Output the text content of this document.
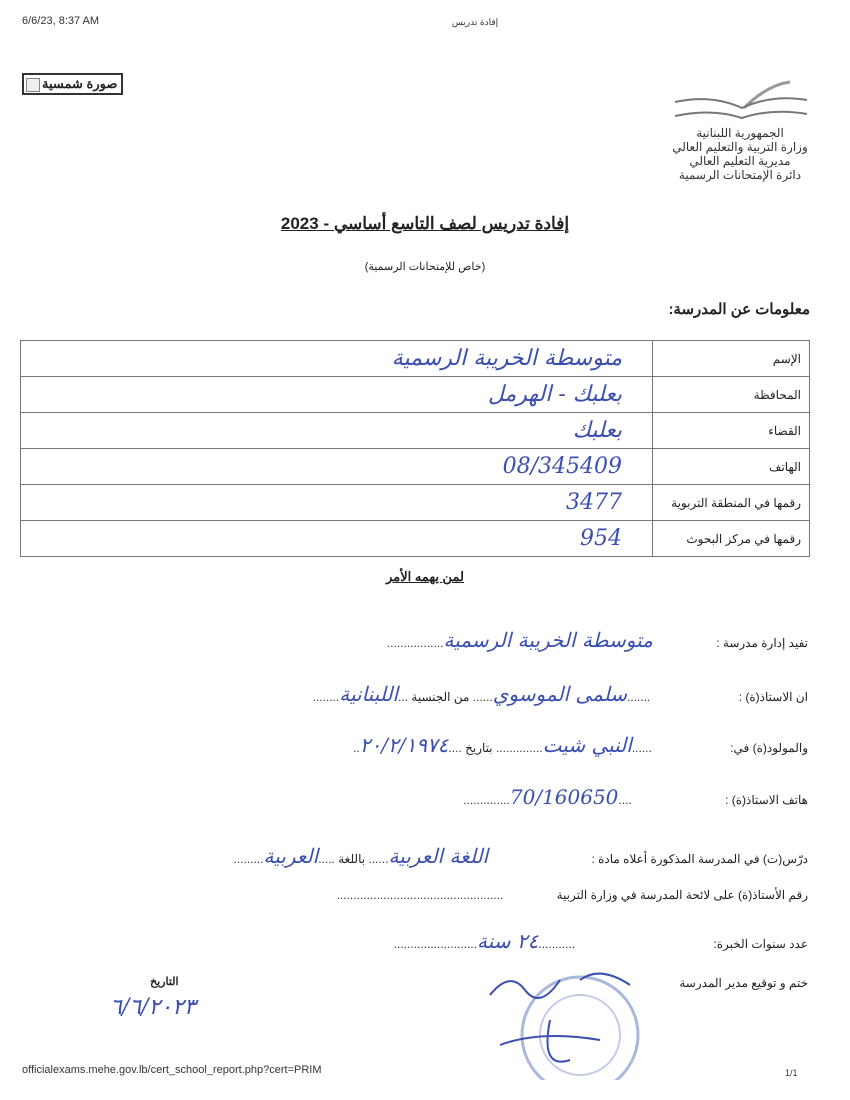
6/6/23, 8:37 AM	إفادة تدريس
صورة شمسية
الجمهورية اللبنانية
وزارة التربية والتعليم العالي
مديرية التعليم العالي
دائرة الإمتحانات الرسمية
إفادة تدريس لصف التاسع أساسي - 2023
(خاص للإمتحانات الرسمية)
معلومات عن المدرسة:
الإسم	متوسطة الخريبة الرسمية
المحافظة	بعلبك - الهرمل
القضاء	بعلبك
الهاتف	08/345409
رقمها في المنطقة التربوية	3477
رقمها في مركز البحوث	954
لمن يهمه الأمر
تفيد إدارة مدرسة : متوسطة الخريبة الرسمية.................
ان الاستاذ(ة) : .......سلمى الموسوي...... من الجنسية ...اللبنانية........
والمولود(ة) في: ......النبي شيت.............. بتاريخ ....٢٠/٢/١٩٧٤..
هاتف الاستاذ(ة) : ....70/160650..............
درّس(ت) في المدرسة المذكورة أعلاه مادة : اللغة العربية...... باللغة .....العربية.........
رقم الأستاذ(ة) على لائحة المدرسة في وزارة التربية ..................................................
عدد سنوات الخبرة: ...........٢٤ سنة.........................
ختم و توقيع مدير المدرسة
التاريخ
٦/٦/٢٠٢٣
officialexams.mehe.gov.lb/cert_school_report.php?cert=PRIM	1/1
